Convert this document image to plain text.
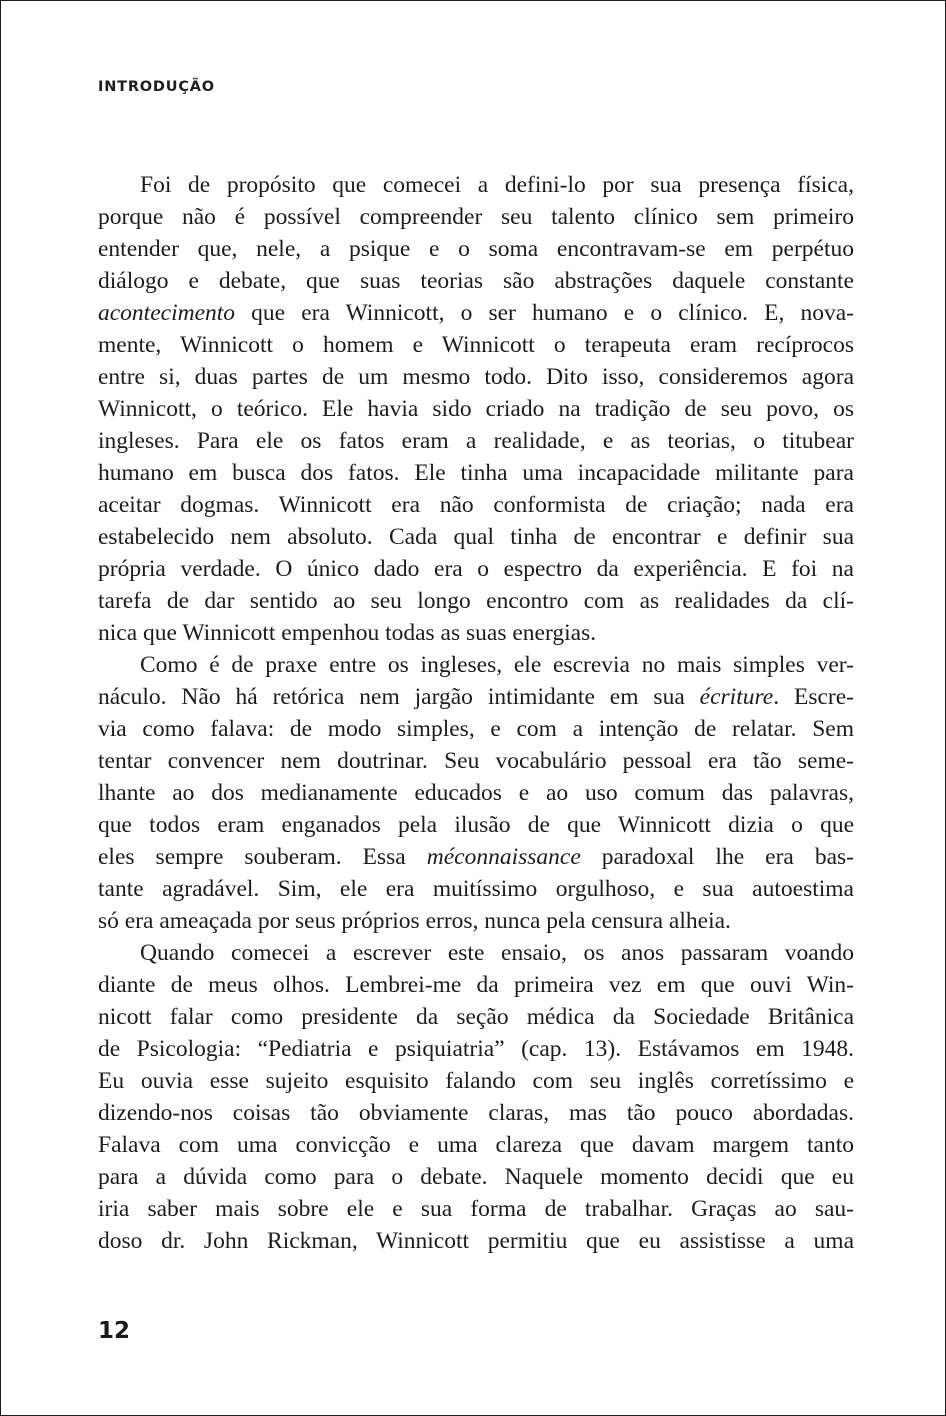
INTRODUÇÃO

Foi de propósito que comecei a defini-lo por sua presença física,
porque não é possível compreender seu talento clínico sem primeiro
entender que, nele, a psique e o soma encontravam-se em perpétuo
diálogo e debate, que suas teorias são abstrações daquele constante
acontecimento que era Winnicott, o ser humano e o clínico. E, nova-
mente, Winnicott o homem e Winnicott o terapeuta eram recíprocos
entre si, duas partes de um mesmo todo. Dito isso, consideremos agora
Winnicott, o teórico. Ele havia sido criado na tradição de seu povo, os
ingleses. Para ele os fatos eram a realidade, e as teorias, o titubear
humano em busca dos fatos. Ele tinha uma incapacidade militante para
aceitar dogmas. Winnicott era não conformista de criação; nada era
estabelecido nem absoluto. Cada qual tinha de encontrar e definir sua
própria verdade. O único dado era o espectro da experiência. E foi na
tarefa de dar sentido ao seu longo encontro com as realidades da clí-
nica que Winnicott empenhou todas as suas energias.

Como é de praxe entre os ingleses, ele escrevia no mais simples ver-
náculo. Não há retórica nem jargão intimidante em sua écriture. Escre-
via como falava: de modo simples, e com a intenção de relatar. Sem
tentar convencer nem doutrinar. Seu vocabulário pessoal era tão seme-
lhante ao dos medianamente educados e ao uso comum das palavras,
que todos eram enganados pela ilusão de que Winnicott dizia o que
eles sempre souberam. Essa méconnaissance paradoxal lhe era bas-
tante agradável. Sim, ele era muitíssimo orgulhoso, e sua autoestima
só era ameaçada por seus próprios erros, nunca pela censura alheia.

Quando comecei a escrever este ensaio, os anos passaram voando
diante de meus olhos. Lembrei-me da primeira vez em que ouvi Win-
nicott falar como presidente da seção médica da Sociedade Britânica
de Psicologia: “Pediatria e psiquiatria” (cap. 13). Estávamos em 1948.
Eu ouvia esse sujeito esquisito falando com seu inglês corretíssimo e
dizendo-nos coisas tão obviamente claras, mas tão pouco abordadas.
Falava com uma convicção e uma clareza que davam margem tanto
para a dúvida como para o debate. Naquele momento decidi que eu
iria saber mais sobre ele e sua forma de trabalhar. Graças ao sau-
doso dr. John Rickman, Winnicott permitiu que eu assistisse a uma

12
